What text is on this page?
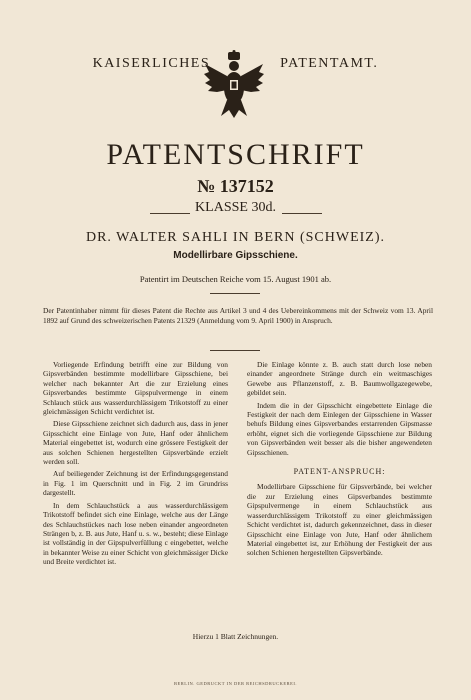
KAISERLICHES	PATENTAMT.
PATENTSCHRIFT
№ 137152
KLASSE 30d.
DR. WALTER SAHLI IN BERN (SCHWEIZ).
Modellirbare Gipsschiene.
Patentirt im Deutschen Reiche vom 15. August 1901 ab.
Der Patentinhaber nimmt für dieses Patent die Rechte aus Artikel 3 und 4 des Uebereinkommens mit der Schweiz vom 13. April 1892 auf Grund des schweizerischen Patents 21329 (Anmeldung vom 9. April 1900) in Anspruch.

Vorliegende Erfindung betrifft eine zur Bildung von Gipsverbänden bestimmte modellirbare Gipsschiene, bei welcher nach bekannter Art die zur Erzielung eines Gipsverbandes bestimmte Gipspulvermenge in einem Schlauch stück aus wasserdurchlässigem Trikotstoff zu einer gleichmässigen Schicht verdichtet ist.

Diese Gipsschiene zeichnet sich dadurch aus, dass in jener Gipsschicht eine Einlage von Jute, Hanf oder ähnlichem Material eingebettet ist, wodurch eine grössere Festigkeit der aus solchen Schienen hergestellten Gipsverbände erzielt werden soll.

Auf beiliegender Zeichnung ist der Erfindungsgegenstand in Fig. 1 im Querschnitt und in Fig. 2 im Grundriss dargestellt.

In dem Schlauchstück a aus wasserdurchlässigem Trikotstoff befindet sich eine Einlage, welche aus der Länge des Schlauchstückes nach lose neben einander angeordneten Strängen b, z. B. aus Jute, Hanf u. s. w., besteht; diese Einlage ist vollständig in der Gipspulverfüllung c eingebettet, welche in bekannter Weise zu einer Schicht von gleichmässiger Dicke und Breite verdichtet ist.

Die Einlage könnte z. B. auch statt durch lose neben einander angeordnete Stränge durch ein weitmaschiges Gewebe aus Pflanzenstoff, z. B. Baumwollgazegewebe, gebildet sein.

Indem die in der Gipsschicht eingebettete Einlage die Festigkeit der nach dem Einlegen der Gipsschiene in Wasser behufs Bildung eines Gipsverbandes erstarrenden Gipsmasse erhöht, eignet sich die vorliegende Gipsschiene zur Bildung von Gipsverbänden weit besser als die bisher angewendeten Gipsschienen.

PATENT-ANSPRUCH:

Modellirbare Gipsschiene für Gipsverbände, bei welcher die zur Erzielung eines Gipsverbandes bestimmte Gipspulvermenge in einem Schlauchstück aus wasserdurchlässigem Trikotstoff zu einer gleichmässigen Schicht verdichtet ist, dadurch gekennzeichnet, dass in dieser Gipsschicht eine Einlage von Jute, Hanf oder ähnlichem Material eingebettet ist, zur Erhöhung der Festigkeit der aus solchen Schienen hergestellten Gipsverbände.

Hierzu 1 Blatt Zeichnungen.
BERLIN. GEDRUCKT IN DER REICHSDRUCKEREI.
